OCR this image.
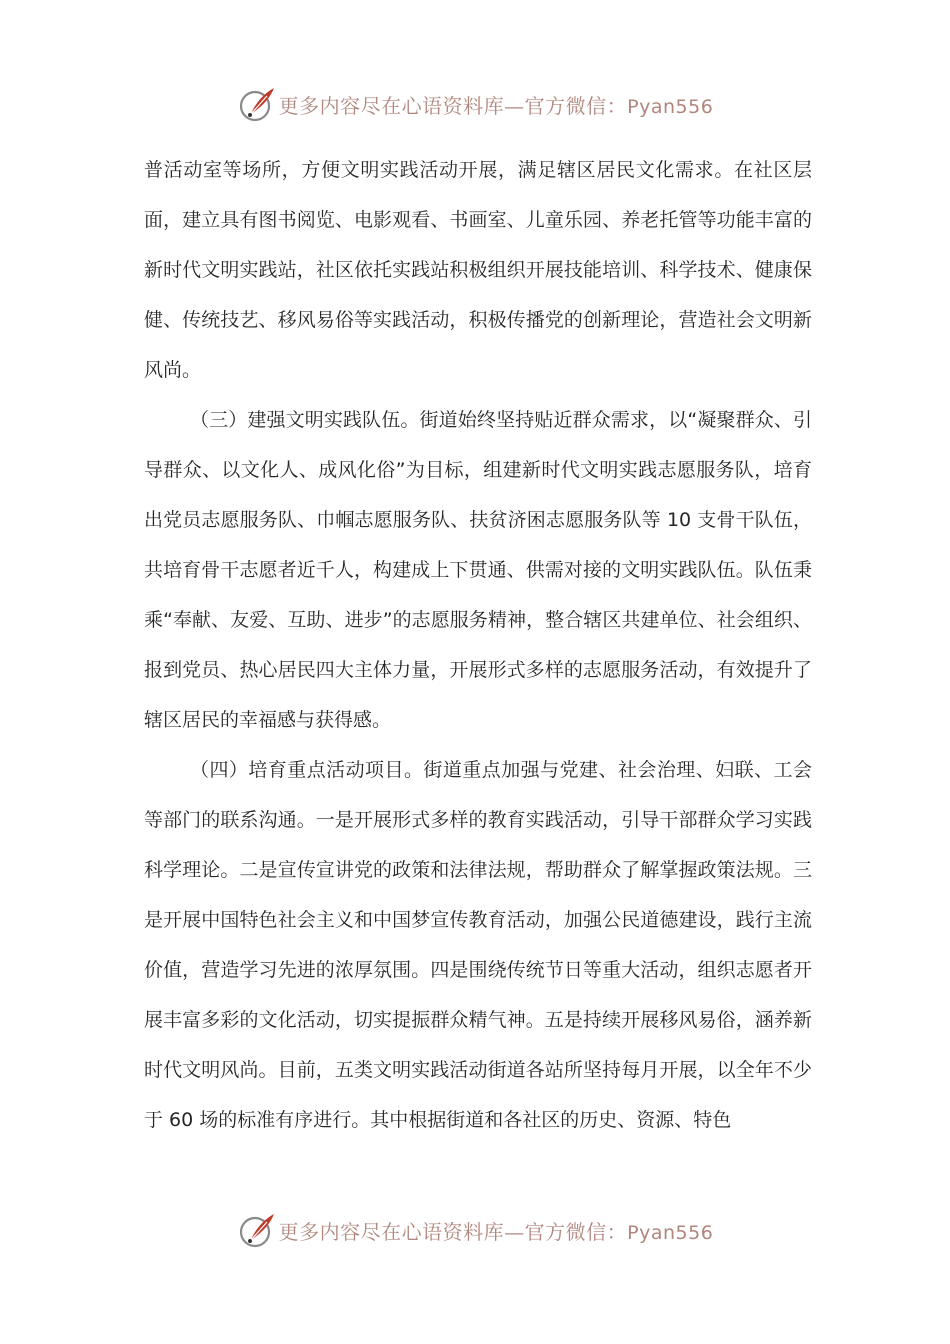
更多内容尽在心语资料库—官方微信：Pyan556

普活动室等场所，方便文明实践活动开展，满足辖区居民文化需求。在社区层面，建立具有图书阅览、电影观看、书画室、儿童乐园、养老托管等功能丰富的新时代文明实践站，社区依托实践站积极组织开展技能培训、科学技术、健康保健、传统技艺、移风易俗等实践活动，积极传播党的创新理论，营造社会文明新风尚。

（三）建强文明实践队伍。街道始终坚持贴近群众需求，以“凝聚群众、引导群众、以文化人、成风化俗”为目标，组建新时代文明实践志愿服务队，培育出党员志愿服务队、巾帼志愿服务队、扶贫济困志愿服务队等 10 支骨干队伍，共培育骨干志愿者近千人，构建成上下贯通、供需对接的文明实践队伍。队伍秉乘“奉献、友爱、互助、进步”的志愿服务精神，整合辖区共建单位、社会组织、报到党员、热心居民四大主体力量，开展形式多样的志愿服务活动，有效提升了辖区居民的幸福感与获得感。

（四）培育重点活动项目。街道重点加强与党建、社会治理、妇联、工会等部门的联系沟通。一是开展形式多样的教育实践活动，引导干部群众学习实践科学理论。二是宣传宣讲党的政策和法律法规，帮助群众了解掌握政策法规。三是开展中国特色社会主义和中国梦宣传教育活动，加强公民道德建设，践行主流价值，营造学习先进的浓厚氛围。四是围绕传统节日等重大活动，组织志愿者开展丰富多彩的文化活动，切实提振群众精气神。五是持续开展移风易俗，涵养新时代文明风尚。目前，五类文明实践活动街道各站所坚持每月开展，以全年不少于 60 场的标准有序进行。其中根据街道和各社区的历史、资源、特色

更多内容尽在心语资料库—官方微信：Pyan556
